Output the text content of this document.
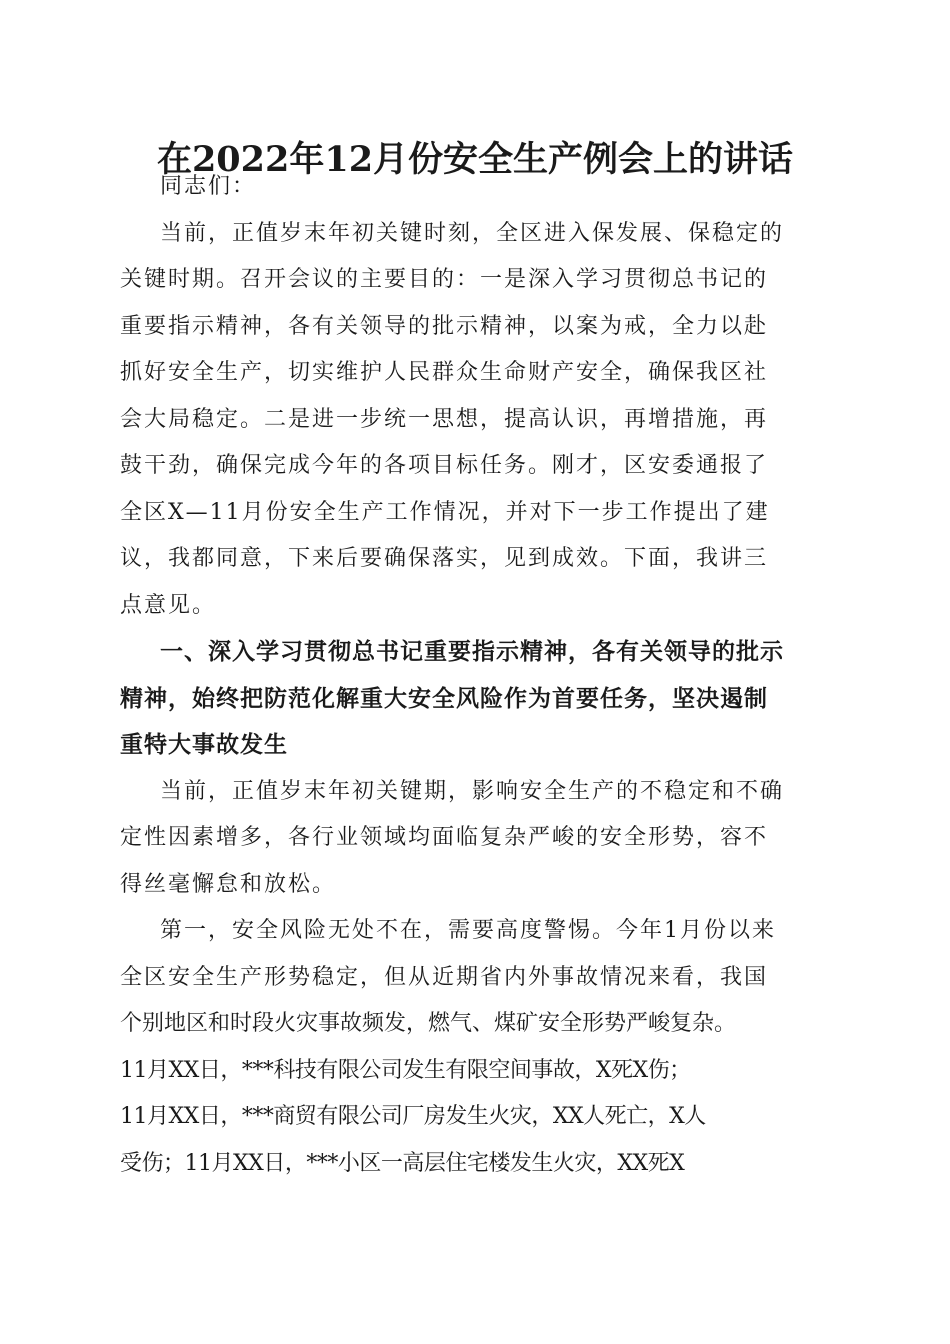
在2022年12月份安全生产例会上的讲话
同志们：
当前，正值岁末年初关键时刻，全区进入保发展、保稳定的
关键时期。召开会议的主要目的：一是深入学习贯彻总书记的
重要指示精神，各有关领导的批示精神，以案为戒，全力以赴
抓好安全生产，切实维护人民群众生命财产安全，确保我区社
会大局稳定。二是进一步统一思想，提高认识，再增措施，再
鼓干劲，确保完成今年的各项目标任务。刚才，区安委通报了
全区X—11月份安全生产工作情况，并对下一步工作提出了建
议，我都同意，下来后要确保落实，见到成效。下面，我讲三
点意见。
一、深入学习贯彻总书记重要指示精神，各有关领导的批示
精神，始终把防范化解重大安全风险作为首要任务，坚决遏制
重特大事故发生
当前，正值岁末年初关键期，影响安全生产的不稳定和不确
定性因素增多，各行业领域均面临复杂严峻的安全形势，容不
得丝毫懈怠和放松。
第一，安全风险无处不在，需要高度警惕。今年1月份以来
全区安全生产形势稳定，但从近期省内外事故情况来看，我国
个别地区和时段火灾事故频发，燃气、煤矿安全形势严峻复杂。
11月XX日，***科技有限公司发生有限空间事故，X死X伤；
11月XX日，***商贸有限公司厂房发生火灾，XX人死亡，X人
受伤；11月XX日，***小区一高层住宅楼发生火灾，XX死X
